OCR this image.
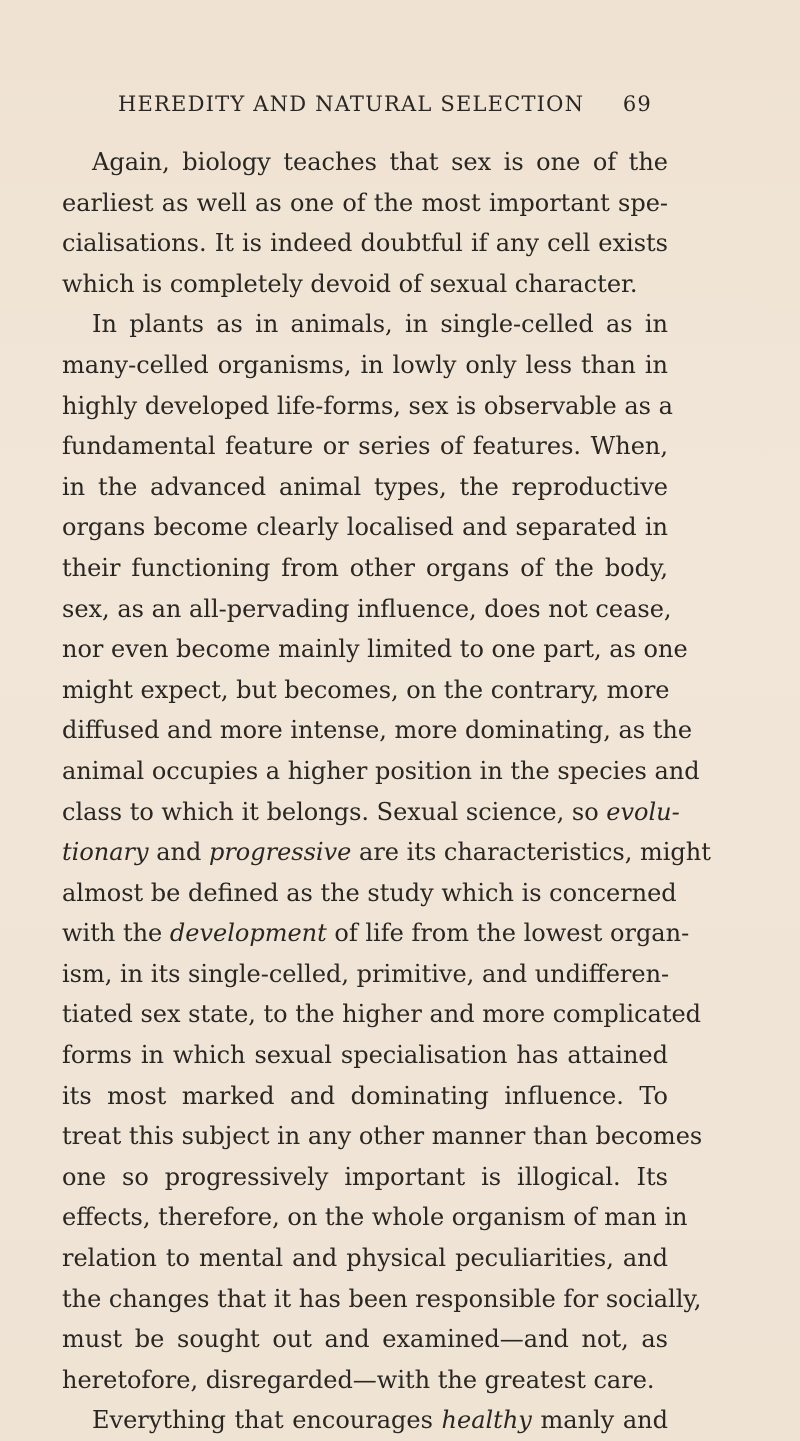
HEREDITY AND NATURAL SELECTION 69
Again, biology teaches that sex is one of the
earliest as well as one of the most important spe-
cialisations. It is indeed doubtful if any cell exists
which is completely devoid of sexual character.
In plants as in animals, in single-celled as in
many-celled organisms, in lowly only less than in
highly developed life-forms, sex is observable as a
fundamental feature or series of features. When,
in the advanced animal types, the reproductive
organs become clearly localised and separated in
their functioning from other organs of the body,
sex, as an all-pervading influence, does not cease,
nor even become mainly limited to one part, as one
might expect, but becomes, on the contrary, more
diffused and more intense, more dominating, as the
animal occupies a higher position in the species and
class to which it belongs. Sexual science, so evolu-
tionary and progressive are its characteristics, might
almost be defined as the study which is concerned
with the development of life from the lowest organ-
ism, in its single-celled, primitive, and undifferen-
tiated sex state, to the higher and more complicated
forms in which sexual specialisation has attained
its most marked and dominating influence. To
treat this subject in any other manner than becomes
one so progressively important is illogical. Its
effects, therefore, on the whole organism of man in
relation to mental and physical peculiarities, and
the changes that it has been responsible for socially,
must be sought out and examined—and not, as
heretofore, disregarded—with the greatest care.
Everything that encourages healthy manly and
